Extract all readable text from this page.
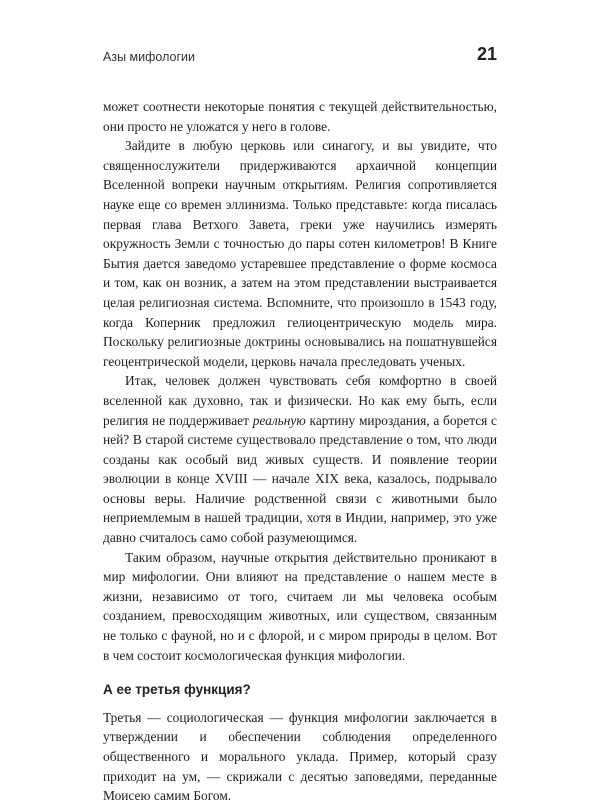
Азы мифологии	21

может соотнести некоторые понятия с текущей действительностью, они просто не уложатся у него в голове.

Зайдите в любую церковь или синагогу, и вы увидите, что священнослужители придерживаются архаичной концепции Вселенной вопреки научным открытиям. Религия сопротивляется науке еще со времен эллинизма. Только представьте: когда писалась первая глава Ветхого Завета, греки уже научились измерять окружность Земли с точностью до пары сотен километров! В Книге Бытия дается заведомо устаревшее представление о форме космоса и том, как он возник, а затем на этом представлении выстраивается целая религиозная система. Вспомните, что произошло в 1543 году, когда Коперник предложил гелиоцентрическую модель мира. Поскольку религиозные доктрины основывались на пошатнувшейся геоцентрической модели, церковь начала преследовать ученых.

Итак, человек должен чувствовать себя комфортно в своей вселенной как духовно, так и физически. Но как ему быть, если религия не поддерживает реальную картину мироздания, а борется с ней? В старой системе существовало представление о том, что люди созданы как особый вид живых существ. И появление теории эволюции в конце XVIII — начале XIX века, казалось, подрывало основы веры. Наличие родственной связи с животными было неприемлемым в нашей традиции, хотя в Индии, например, это уже давно считалось само собой разумеющимся.

Таким образом, научные открытия действительно проникают в мир мифологии. Они влияют на представление о нашем месте в жизни, независимо от того, считаем ли мы человека особым созданием, превосходящим животных, или существом, связанным не только с фауной, но и с флорой, и с миром природы в целом. Вот в чем состоит космологическая функция мифологии.

А ее третья функция?

Третья — социологическая — функция мифологии заключается в утверждении и обеспечении соблюдения определенного общественного и морального уклада. Пример, который сразу приходит на ум, — скрижали с десятью заповедями, переданные Моисею самим Богом.
